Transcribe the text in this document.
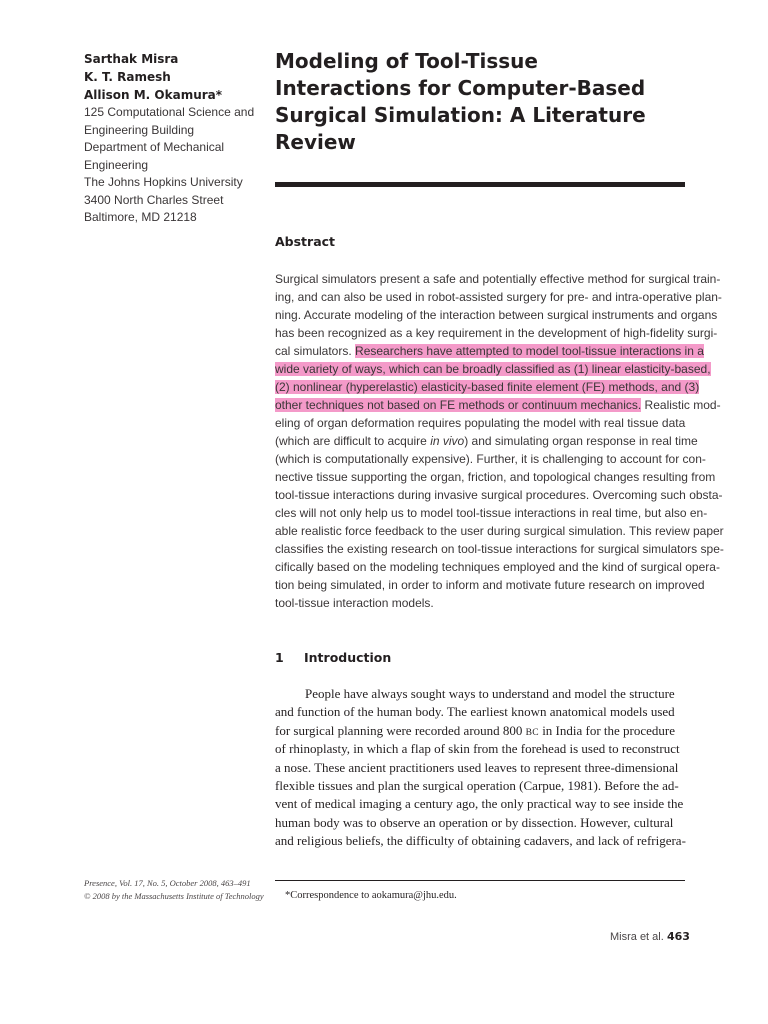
Sarthak Misra
K. T. Ramesh
Allison M. Okamura*
125 Computational Science and
Engineering Building
Department of Mechanical
Engineering
The Johns Hopkins University
3400 North Charles Street
Baltimore, MD 21218
Modeling of Tool-Tissue
Interactions for Computer-Based
Surgical Simulation: A Literature
Review
Abstract
Surgical simulators present a safe and potentially effective method for surgical train-
ing, and can also be used in robot-assisted surgery for pre- and intra-operative plan-
ning. Accurate modeling of the interaction between surgical instruments and organs
has been recognized as a key requirement in the development of high-fidelity surgi-
cal simulators. Researchers have attempted to model tool-tissue interactions in a
wide variety of ways, which can be broadly classified as (1) linear elasticity-based,
(2) nonlinear (hyperelastic) elasticity-based finite element (FE) methods, and (3)
other techniques not based on FE methods or continuum mechanics. Realistic mod-
eling of organ deformation requires populating the model with real tissue data
(which are difficult to acquire in vivo) and simulating organ response in real time
(which is computationally expensive). Further, it is challenging to account for con-
nective tissue supporting the organ, friction, and topological changes resulting from
tool-tissue interactions during invasive surgical procedures. Overcoming such obsta-
cles will not only help us to model tool-tissue interactions in real time, but also en-
able realistic force feedback to the user during surgical simulation. This review paper
classifies the existing research on tool-tissue interactions for surgical simulators spe-
cifically based on the modeling techniques employed and the kind of surgical opera-
tion being simulated, in order to inform and motivate future research on improved
tool-tissue interaction models.
1 Introduction
People have always sought ways to understand and model the structure
and function of the human body. The earliest known anatomical models used
for surgical planning were recorded around 800 BC in India for the procedure
of rhinoplasty, in which a flap of skin from the forehead is used to reconstruct
a nose. These ancient practitioners used leaves to represent three-dimensional
flexible tissues and plan the surgical operation (Carpue, 1981). Before the ad-
vent of medical imaging a century ago, the only practical way to see inside the
human body was to observe an operation or by dissection. However, cultural
and religious beliefs, the difficulty of obtaining cadavers, and lack of refrigera-
Presence, Vol. 17, No. 5, October 2008, 463–491
© 2008 by the Massachusetts Institute of Technology	*Correspondence to aokamura@jhu.edu.
Misra et al. 463
